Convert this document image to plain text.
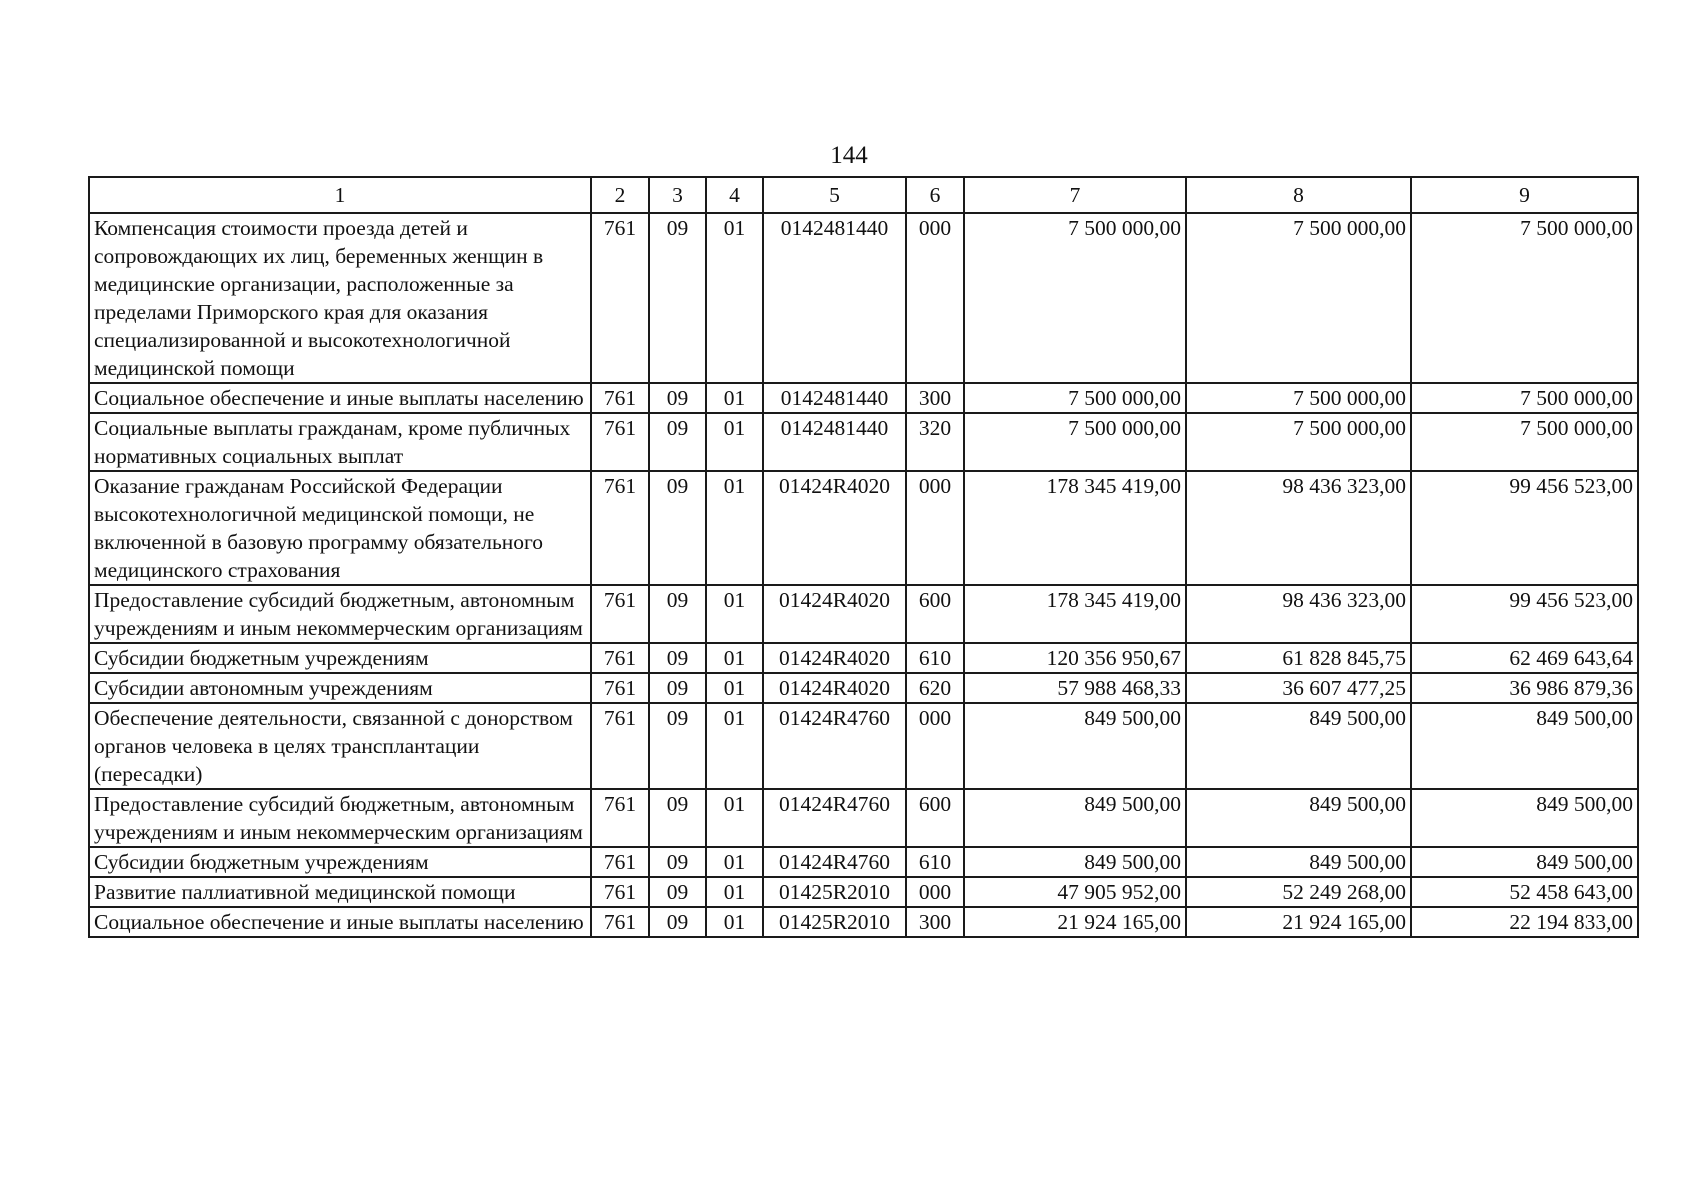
144
1	2	3	4	5	6	7	8	9
Компенсация стоимости проезда детей и сопровождающих их лиц, беременных женщин в медицинские организации, расположенные за пределами Приморского края для оказания специализированной и высокотехнологичной медицинской помощи	761	09	01	0142481440	000	7 500 000,00	7 500 000,00	7 500 000,00
Социальное обеспечение и иные выплаты населению	761	09	01	0142481440	300	7 500 000,00	7 500 000,00	7 500 000,00
Социальные выплаты гражданам, кроме публичных нормативных социальных выплат	761	09	01	0142481440	320	7 500 000,00	7 500 000,00	7 500 000,00
Оказание гражданам Российской Федерации высокотехнологичной медицинской помощи, не включенной в базовую программу обязательного медицинского страхования	761	09	01	01424R4020	000	178 345 419,00	98 436 323,00	99 456 523,00
Предоставление субсидий бюджетным, автономным учреждениям и иным некоммерческим организациям	761	09	01	01424R4020	600	178 345 419,00	98 436 323,00	99 456 523,00
Субсидии бюджетным учреждениям	761	09	01	01424R4020	610	120 356 950,67	61 828 845,75	62 469 643,64
Субсидии автономным учреждениям	761	09	01	01424R4020	620	57 988 468,33	36 607 477,25	36 986 879,36
Обеспечение деятельности, связанной с донорством органов человека в целях трансплантации (пересадки)	761	09	01	01424R4760	000	849 500,00	849 500,00	849 500,00
Предоставление субсидий бюджетным, автономным учреждениям и иным некоммерческим организациям	761	09	01	01424R4760	600	849 500,00	849 500,00	849 500,00
Субсидии бюджетным учреждениям	761	09	01	01424R4760	610	849 500,00	849 500,00	849 500,00
Развитие паллиативной медицинской помощи	761	09	01	01425R2010	000	47 905 952,00	52 249 268,00	52 458 643,00
Социальное обеспечение и иные выплаты населению	761	09	01	01425R2010	300	21 924 165,00	21 924 165,00	22 194 833,00
